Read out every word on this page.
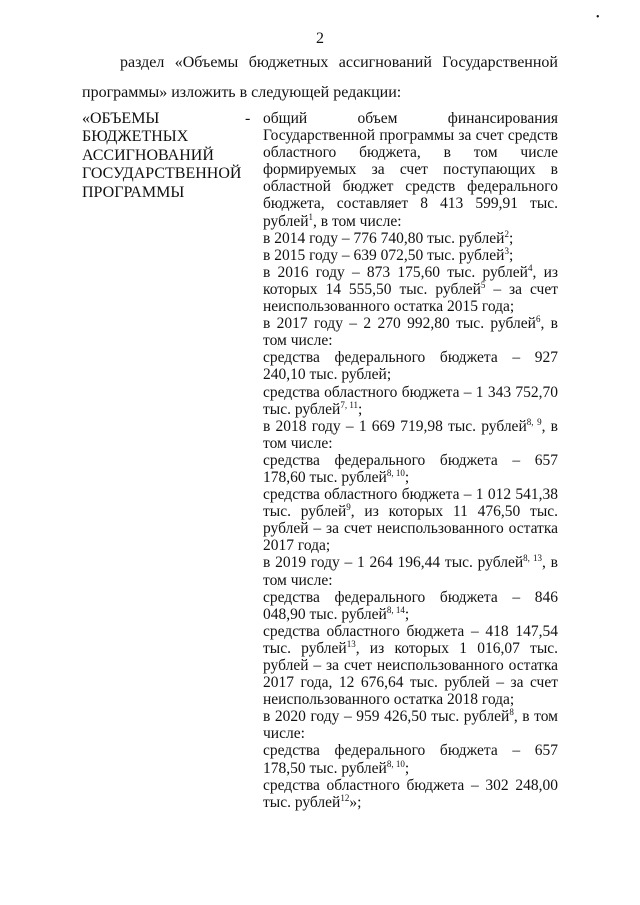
•
2
раздел «Объемы бюджетных ассигнований Государственной
программы» изложить в следующей редакции:
«ОБЪЕМЫ
БЮДЖЕТНЫХ
АССИГНОВАНИЙ
ГОСУДАРСТВЕННОЙ
ПРОГРАММЫ
- общий объем финансирования Государственной программы за счет средств областного бюджета, в том числе формируемых за счет поступающих в областной бюджет средств федерального бюджета, составляет 8 413 599,91 тыс. рублей$^1$, в том числе:

в 2014 году – 776 740,80 тыс. рублей$^2$;

в 2015 году – 639 072,50 тыс. рублей$^3$;

в 2016 году – 873 175,60 тыс. рублей$^4$, из которых 14 555,50 тыс. рублей$^5$ – за счет неиспользованного остатка 2015 года;

в 2017 году – 2 270 992,80 тыс. рублей$^6$, в том числе:

средства федерального бюджета – 927 240,10 тыс. рублей;

средства областного бюджета – 1 343 752,70 тыс. рублей$^{7, 11}$;

в 2018 году – 1 669 719,98 тыс. рублей$^{8, 9}$, в том числе:

средства федерального бюджета – 657 178,60 тыс. рублей$^{8, 10}$;

средства областного бюджета – 1 012 541,38 тыс. рублей$^9$, из которых 11 476,50 тыс. рублей – за счет неиспользованного остатка 2017 года;

в 2019 году – 1 264 196,44 тыс. рублей$^{8, 13}$, в том числе:

средства федерального бюджета – 846 048,90 тыс. рублей$^{8, 14}$;

средства областного бюджета – 418 147,54 тыс. рублей$^{13}$, из которых 1 016,07 тыс. рублей – за счет неиспользованного остатка 2017 года, 12 676,64 тыс. рублей – за счет неиспользованного остатка 2018 года;

в 2020 году – 959 426,50 тыс. рублей$^8$, в том числе:

средства федерального бюджета – 657 178,50 тыс. рублей$^{8, 10}$;

средства областного бюджета – 302 248,00 тыс. рублей$^{12}$»;
